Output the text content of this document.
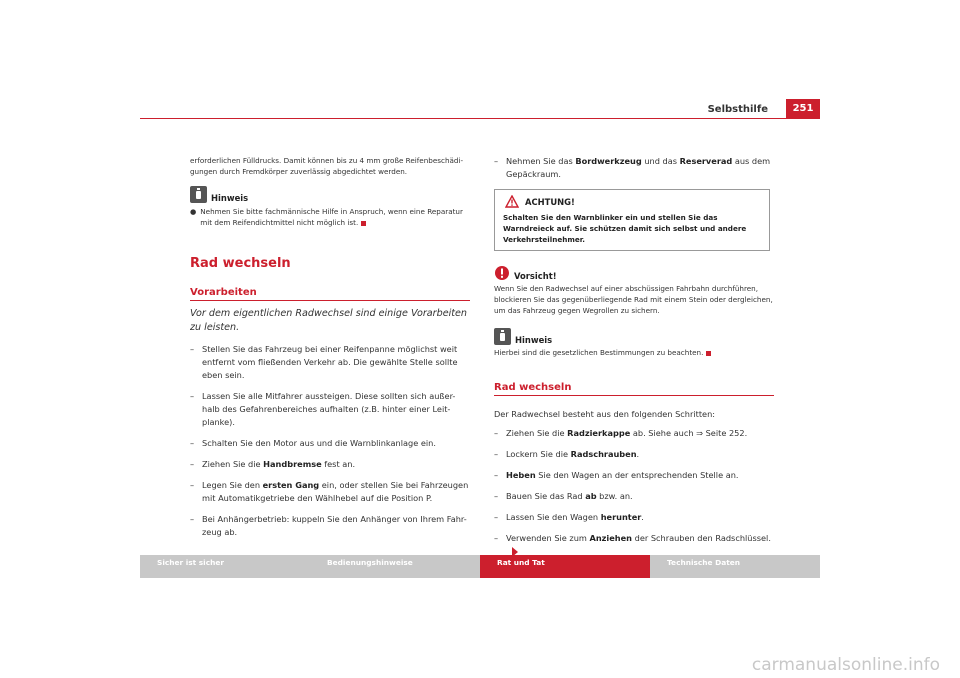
Selbsthilfe	251
erforderlichen Fülldrucks. Damit können bis zu 4 mm große Reifenbeschädi-gungen durch Fremdkörper zuverlässig abgedichtet werden.
Hinweis
● Nehmen Sie bitte fachmännische Hilfe in Anspruch, wenn eine Reparatur mit dem Reifendichtmittel nicht möglich ist.
Rad wechseln
Vorarbeiten
Vor dem eigentlichen Radwechsel sind einige Vorarbeiten zu leisten.
– Stellen Sie das Fahrzeug bei einer Reifenpanne möglichst weit entfernt vom fließenden Verkehr ab. Die gewählte Stelle sollte eben sein.
– Lassen Sie alle Mitfahrer aussteigen. Diese sollten sich außer-halb des Gefahrenbereiches aufhalten (z.B. hinter einer Leit-planke).
– Schalten Sie den Motor aus und die Warnblinkanlage ein.
– Ziehen Sie die Handbremse fest an.
– Legen Sie den ersten Gang ein, oder stellen Sie bei Fahrzeugen mit Automatikgetriebe den Wählhebel auf die Position P.
– Bei Anhängerbetrieb: kuppeln Sie den Anhänger von Ihrem Fahr-zeug ab.
– Nehmen Sie das Bordwerkzeug und das Reserverad aus dem Gepäckraum.
ACHTUNG!
Schalten Sie den Warnblinker ein und stellen Sie das Warndreieck auf. Sie schützen damit sich selbst und andere Verkehrsteilnehmer.
Vorsicht!
Wenn Sie den Radwechsel auf einer abschüssigen Fahrbahn durchführen, blockieren Sie das gegenüberliegende Rad mit einem Stein oder dergleichen, um das Fahrzeug gegen Wegrollen zu sichern.
Hinweis
Hierbei sind die gesetzlichen Bestimmungen zu beachten.
Rad wechseln
Der Radwechsel besteht aus den folgenden Schritten:
– Ziehen Sie die Radzierkappe ab. Siehe auch ⇒ Seite 252.
– Lockern Sie die Radschrauben.
– Heben Sie den Wagen an der entsprechenden Stelle an.
– Bauen Sie das Rad ab bzw. an.
– Lassen Sie den Wagen herunter.
– Verwenden Sie zum Anziehen der Schrauben den Radschlüssel.
Sicher ist sicher	Bedienungshinweise	Rat und Tat	Technische Daten
carmanualsonline.info
